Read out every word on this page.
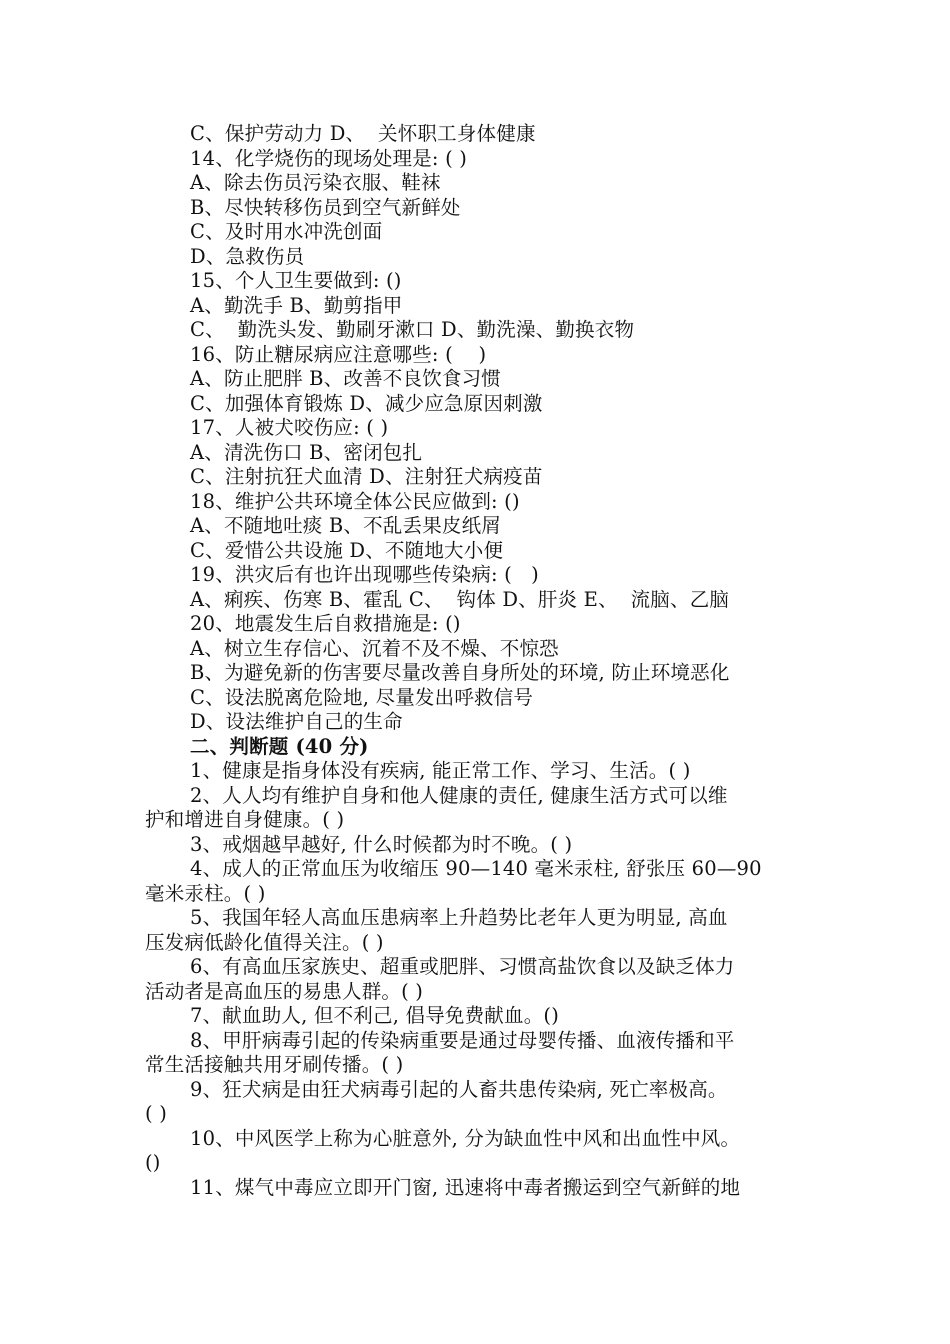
C、保护劳动力 D、  关怀职工身体健康
14、化学烧伤的现场处理是: ( )
A、除去伤员污染衣服、鞋袜
B、尽快转移伤员到空气新鲜处
C、及时用水冲洗创面
D、急救伤员
15、个人卫生要做到: ()
A、勤洗手 B、勤剪指甲
C、  勤洗头发、勤刷牙漱口 D、勤洗澡、勤换衣物
16、防止糖尿病应注意哪些: (    )
A、防止肥胖 B、改善不良饮食习惯
C、加强体育锻炼 D、减少应急原因刺激
17、人被犬咬伤应: ( )
A、清洗伤口 B、密闭包扎
C、注射抗狂犬血清 D、注射狂犬病疫苗
18、维护公共环境全体公民应做到: ()
A、不随地吐痰 B、不乱丢果皮纸屑
C、爱惜公共设施 D、不随地大小便
19、洪灾后有也许出现哪些传染病: (   )
A、痢疾、伤寒 B、霍乱 C、  钩体 D、肝炎 E、  流脑、乙脑
20、地震发生后自救措施是: ()
A、树立生存信心、沉着不及不燥、不惊恐
B、为避免新的伤害要尽量改善自身所处的环境, 防止环境恶化
C、设法脱离危险地, 尽量发出呼救信号
D、设法维护自己的生命
二、判断题 (40 分)
1、健康是指身体没有疾病, 能正常工作、学习、生活。( )
2、人人均有维护自身和他人健康的责任, 健康生活方式可以维
护和增进自身健康。( )
3、戒烟越早越好, 什么时候都为时不晚。( )
4、成人的正常血压为收缩压 90—140 毫米汞柱, 舒张压 60—90
毫米汞柱。( )
5、我国年轻人高血压患病率上升趋势比老年人更为明显, 高血
压发病低龄化值得关注。( )
6、有高血压家族史、超重或肥胖、习惯高盐饮食以及缺乏体力
活动者是高血压的易患人群。( )
7、献血助人, 但不利己, 倡导免费献血。()
8、甲肝病毒引起的传染病重要是通过母婴传播、血液传播和平
常生活接触共用牙刷传播。( )
9、狂犬病是由狂犬病毒引起的人畜共患传染病, 死亡率极高。
( )
10、中风医学上称为心脏意外, 分为缺血性中风和出血性中风。
()
11、煤气中毒应立即开门窗, 迅速将中毒者搬运到空气新鲜的地
